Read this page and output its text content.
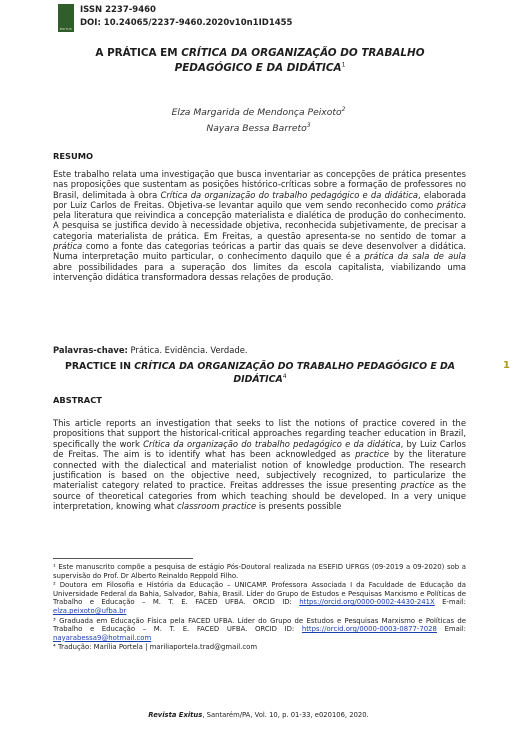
EXITUS
ISSN 2237-9460
DOI: 10.24065/2237-9460.2020v10n1ID1455
A PRÁTICA EM CRÍTICA DA ORGANIZAÇÃO DO TRABALHO PEDAGÓGICO E DA DIDÁTICA$^1$
Elza Margarida de Mendonça Peixoto$^2$
Nayara Bessa Barreto$^3$
RESUMO
Este trabalho relata uma investigação que busca inventariar as concepções de prática presentes nas proposições que sustentam as posições histórico-críticas sobre a formação de professores no Brasil, delimitada à obra Crítica da organização do trabalho pedagógico e da didática, elaborada por Luiz Carlos de Freitas. Objetiva-se levantar aquilo que vem sendo reconhecido como prática pela literatura que reivindica a concepção materialista e dialética de produção do conhecimento. A pesquisa se justifica devido à necessidade objetiva, reconhecida subjetivamente, de precisar a categoria materialista de prática. Em Freitas, a questão apresenta-se no sentido de tomar a prática como a fonte das categorias teóricas a partir das quais se deve desenvolver a didática. Numa interpretação muito particular, o conhecimento daquilo que é a prática da sala de aula abre possibilidades para a superação dos limites da escola capitalista, viabilizando uma intervenção didática transformadora dessas relações de produção.
Palavras-chave: Prática. Evidência. Verdade.
1
PRACTICE IN CRÍTICA DA ORGANIZAÇÃO DO TRABALHO PEDAGÓGICO E DA DIDÁTICA$^4$
ABSTRACT
This article reports an investigation that seeks to list the notions of practice covered in the propositions that support the historical-critical approaches regarding teacher education in Brazil, specifically the work Crítica da organização do trabalho pedagógico e da didática, by Luiz Carlos de Freitas. The aim is to identify what has been acknowledged as practice by the literature connected with the dialectical and materialist notion of knowledge production. The research justification is based on the objective need, subjectively recognized, to particularize the materialist category related to practice. Freitas addresses the issue presenting practice as the source of theoretical categories from which teaching should be developed. In a very unique interpretation, knowing what classroom practice is presents possible
¹ Este manuscrito compõe a pesquisa de estágio Pós-Doutoral realizada na ESEFID UFRGS (09-2019 a 09-2020) sob a supervisão do Prof. Dr Alberto Reinaldo Reppold Filho.
² Doutora em Filosofia e História da Educação – UNICAMP. Professora Associada I da Faculdade de Educação da Universidade Federal da Bahia, Salvador, Bahia, Brasil. Líder do Grupo de Estudos e Pesquisas Marxismo e Políticas de Trabalho e Educação – M. T. E. FACED UFBA. ORCID ID: https://orcid.org/0000-0002-4430-241X E-mail: elza.peixoto@ufba.br
³ Graduada em Educação Física pela FACED UFBA. Líder do Grupo de Estudos e Pesquisas Marxismo e Políticas de Trabalho e Educação – M. T. E. FACED UFBA. ORCID ID: https://orcid.org/0000-0003-0877-7028 Email: nayarabessa9@hotmail.com
⁴ Tradução: Marília Portela | mariliaportela.trad@gmail.com
Revista Exitus, Santarém/PA, Vol. 10, p. 01-33, e020106, 2020.
